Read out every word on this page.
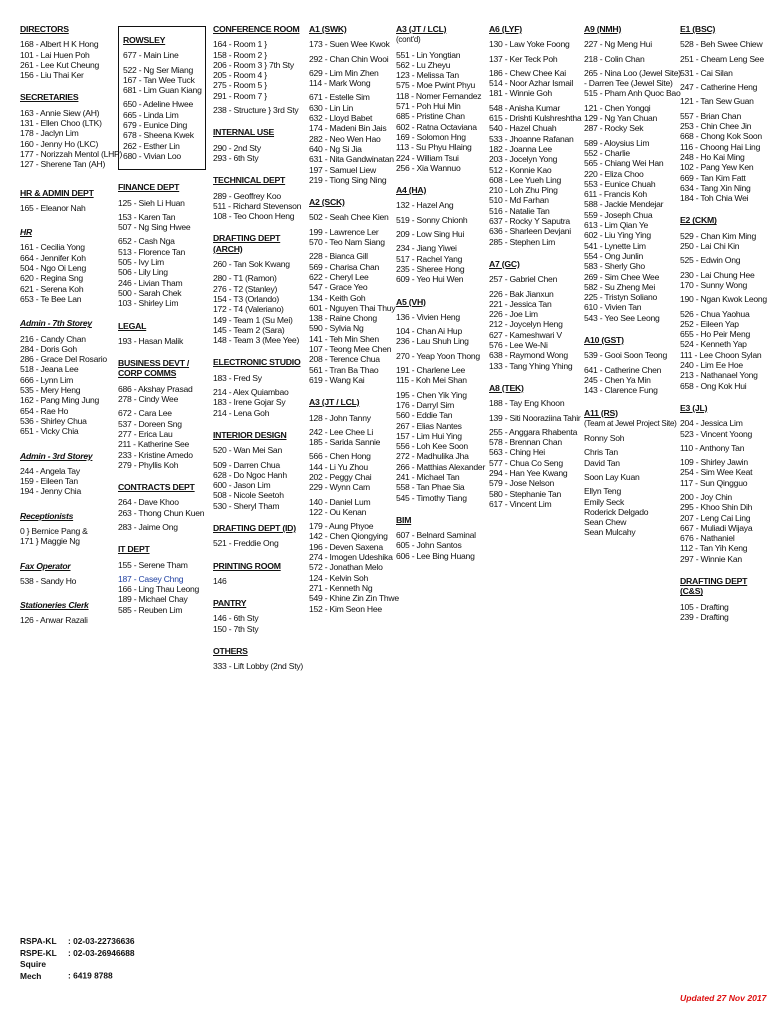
DIRECTORS
168 - Albert H K Hong
101 - Lai Huen Poh
261 - Lee Kut Cheung
156 - Liu Thai Ker
SECRETARIES
163 - Annie Siew (AH)
131 - Ellen Choo (LTK)
178 - Jaclyn Lim
160 - Jenny Ho (LKC)
177 - Norizzah Mentol (LHP)
127 - Sherene Tan (AH)
HR & ADMIN DEPT
165 - Eleanor Nah
HR
161 - Cecilia Yong
664 - Jennifer Koh
504 - Ngo Oi Leng
620 - Regina Sng
621 - Serena Koh
653 - Te Bee Lan
Admin - 7th Storey
216 - Candy Chan
284 - Doris Goh
286 - Grace Del Rosario
518 - Jeana Lee
666 - Lynn Lim
535 - Mery Heng
162 - Pang Ming Jung
654 - Rae Ho
536 - Shirley Chua
651 - Vicky Chia
Admin - 3rd Storey
244 - Angela Tay
159 - Eileen Tan
194 - Jenny Chia
Receptionists
0 } Bernice Pang &
171 } Maggie Ng
Fax Operator
538 - Sandy Ho
Stationeries Clerk
126 - Anwar Razali
ROWSLEY
677 - Main Line

522 - Ng Ser Miang
167 - Tan Wee Tuck
681 - Lim Guan Kiang

650 - Adeline Hwee
665 - Linda Lim
679 - Eunice Ding
678 - Sheena Kwek
262 - Esther Lin
680 - Vivian Loo
FINANCE DEPT
125 - Sieh Li Huan

153 - Karen Tan
507 - Ng Sing Hwee

652 - Cash Nga
513 - Florence Tan
505 - Ivy Lim
506 - Lily Ling
246 - Livian Tham
500 - Sarah Chek
103 - Shirley Lim
LEGAL
193 - Hasan Malik
BUSINESS DEVT / CORP COMMS
686 - Akshay Prasad
278 - Cindy Wee

672 - Cara Lee
537 - Doreen Sng
277 - Erica Lau
211 - Katherine See
233 - Kristine Amedo
279 - Phyllis Koh
CONTRACTS DEPT
264 - Dave Khoo
263 - Thong Chun Kuen

283 - Jaime Ong
IT DEPT
155 - Serene Tham

187 - Casey Chng
166 - Ling Thau Leong
189 - Michael Chay
585 - Reuben Lim
CONFERENCE ROOM
164 - Room 1 }
158 - Room 2 }
206 - Room 3 } 7th Sty
205 - Room 4 }
275 - Room 5 }
291 - Room 7 }

238 - Structure } 3rd Sty
INTERNAL USE
290 - 2nd Sty
293 - 6th Sty
TECHNICAL DEPT
289 - Geoffrey Koo
511 - Richard Stevenson
108 - Teo Choon Heng
DRAFTING DEPT (ARCH)
260 - Tan Sok Kwang

280 - T1 (Ramon)
276 - T2 (Stanley)
154 - T3 (Orlando)
172 - T4 (Valeriano)
149 - Team 1 (Su Mei)
145 - Team 2 (Sara)
148 - Team 3 (Mee Yee)
ELECTRONIC STUDIO
183 - Fred Sy

214 - Alex Quiambao
183 - Irene Gojar Sy
214 - Lena Goh
INTERIOR DESIGN
520 - Wan Mei San

509 - Darren Chua
628 - Do Ngoc Hanh
600 - Jason Lim
508 - Nicole Seetoh
530 - Sheryl Tham
DRAFTING DEPT (ID)
521 - Freddie Ong
PRINTING ROOM
146
PANTRY
146 - 6th Sty
150 - 7th Sty
OTHERS
333 - Lift Lobby (2nd Sty)
A1 (SWK)
173 - Suen Wee Kwok

292 - Chan Chin Wooi

629 - Lim Min Zhen
114 - Mark Wong

671 - Estelle Sim
630 - Lin Lin
632 - Lloyd Babet
174 - Madeni Bin Jais
282 - Neo Wen Hao
640 - Ng Si Jia
631 - Nita Gandwinatan
197 - Samuel Liew
219 - Tiong Sing Ning
A2 (SCK)
502 - Seah Chee Kien

199 - Lawrence Ler
570 - Teo Nam Siang

228 - Bianca Gill
569 - Charisa Chan
622 - Cheryl Lee
547 - Grace Yeo
134 - Keith Goh
601 - Nguyen Thai Thuy
138 - Raine Chong
590 - Sylvia Ng
141 - Teh Min Shen
107 - Teong Mee Chen
208 - Terence Chua
561 - Tran Ba Thao
619 - Wang Kai
A3 (JT / LCL)
128 - John Tanny

242 - Lee Chee Li
185 - Sarida Sannie

566 - Chen Hong
144 - Li Yu Zhou
202 - Peggy Chai
229 - Wynn Cam

140 - Daniel Lum
122 - Ou Kenan

179 - Aung Phyoe
142 - Chen Qiongying
196 - Deven Saxena
274 - Imogen Udeshika
572 - Jonathan Melo
124 - Kelvin Soh
271 - Kenneth Ng
549 - Khine Zin Zin Thwe
152 - Kim Seon Hee
A3 (JT / LCL)
(cont'd)
551 - Lin Yongtian
562 - Lu Zheyu
123 - Melissa Tan
575 - Moe Pwint Phyu
118 - Nomer Fernandez
571 - Poh Hui Min
685 - Pristine Chan
602 - Ratna Octaviana
169 - Solomon Hng
113 - Su Phyu Hlaing
224 - William Tsui
256 - Xia Wannuo
A4 (HA)
132 - Hazel Ang

519 - Sonny Chionh

209 - Low Sing Hui

234 - Jiang Yiwei
517 - Rachel Yang
235 - Sheree Hong
609 - Yeo Hui Wen
A5 (VH)
136 - Vivien Heng

104 - Chan Ai Hup
236 - Lau Shuh Ling

270 - Yeap Yoon Thong

191 - Charlene Lee
115 - Koh Mei Shan

195 - Chen Yik Ying
176 - Darryl Sim
560 - Eddie Tan
267 - Elias Nantes
157 - Lim Hui Ying
556 - Loh Kee Soon
272 - Madhulika Jha
266 - Matthias Alexander
241 - Michael Tan
558 - Tan Phae Sia
545 - Timothy Tiang
BIM
607 - Belnard Saminal
605 - John Santos
606 - Lee Bing Huang
A6 (LYF)
130 - Law Yoke Foong

137 - Ker Teck Poh

186 - Chew Chee Kai
514 - Noor Azhar Ismail
181 - Winnie Goh

548 - Anisha Kumar
615 - Drishti Kulshreshtha
540 - Hazel Chuah
533 - Jhoanne Rafanan
182 - Joanna Lee
203 - Jocelyn Yong
512 - Konnie Kao
608 - Lee Yueh Ling
210 - Loh Zhu Ping
510 - Md Farhan
516 - Natalie Tan
637 - Rocky Y Saputra
636 - Sharleen Devjani
285 - Stephen Lim
A7 (GC)
257 - Gabriel Chen

226 - Bak Jianxun
221 - Jessica Tan
226 - Joe Lim
212 - Joycelyn Heng
627 - Kameshwari V
576 - Lee We-Ni
638 - Raymond Wong
133 - Tang Yhing Yhing
A8 (TEK)
188 - Tay Eng Khoon

139 - Siti Nooraziina Tahir

255 - Anggara Rhabenta
578 - Brennan Chan
563 - Ching Hei
577 - Chua Co Seng
294 - Han Yee Kwang
579 - Jose Nelson
580 - Stephanie Tan
617 - Vincent Lim
A9 (NMH)
227 - Ng Meng Hui

218 - Colin Chan

265 - Nina Loo (Jewel Site)
- Darren Tee (Jewel Site)
515 - Pham Anh Quoc Bao

121 - Chen Yongqi
129 - Ng Yan Chuan
287 - Rocky Sek

589 - Aloysius Lim
552 - Charlie
565 - Chiang Wei Han
220 - Eliza Choo
553 - Eunice Chuah
611 - Francis Koh
588 - Jackie Mendejar
559 - Joseph Chua
613 - Lim Qian Ye
602 - Liu Ying Ying
541 - Lynette Lim
554 - Ong Junlin
583 - Sherly Gho
269 - Sim Chee Wee
582 - Su Zheng Mei
225 - Tristyn Soliano
610 - Vivien Tan
543 - Yeo See Leong
A10 (GST)
539 - Gooi Soon Teong

641 - Catherine Chen
245 - Chen Ya Min
143 - Clarence Fung
A11 (RS)
(Team at Jewel Project Site)
Ronny Soh

Chris Tan
David Tan

Soon Lay Kuan

Ellyn Teng
Emily Seck
Roderick Delgado
Sean Chew
Sean Mulcahy
E1 (BSC)
528 - Beh Swee Chiew

251 - Cheam Leng See

531 - Cai Silan

247 - Catherine Heng

121 - Tan Sew Guan

557 - Brian Chan
253 - Chin Chee Jin
668 - Chong Kok Soon
116 - Choong Hai Ling
248 - Ho Kai Ming
102 - Pang Yew Ken
669 - Tan Kim Fatt
634 - Tang Xin Ning
184 - Toh Chia Wei
E2 (CKM)
529 - Chan Kim Ming
250 - Lai Chi Kin

525 - Edwin Ong

230 - Lai Chung Hee
170 - Sunny Wong

190 - Ngan Kwok Leong

526 - Chua Yaohua
252 - Eileen Yap
655 - Ho Peir Meng
524 - Kenneth Yap
111 - Lee Choon Sylan
240 - Lim Ee Hoe
213 - Nathanael Yong
658 - Ong Kok Hui
E3 (JL)
204 - Jessica Lim
523 - Vincent Yoong

110 - Anthony Tan

109 - Shirley Jawin
254 - Sim Wee Keat
117 - Sun Qingguo

200 - Joy Chin
295 - Khoo Shin Dih
207 - Leng Cai Ling
667 - Muliadi Wijaya
676 - Nathaniel
112 - Tan Yih Keng
297 - Winnie Kan
DRAFTING DEPT (C&S)
105 - Drafting
239 - Drafting
RSPA-KL : 02-03-22736636
RSPE-KL : 02-03-26946688
Squire Mech	: 6419 8788
Updated 27 Nov 2017
